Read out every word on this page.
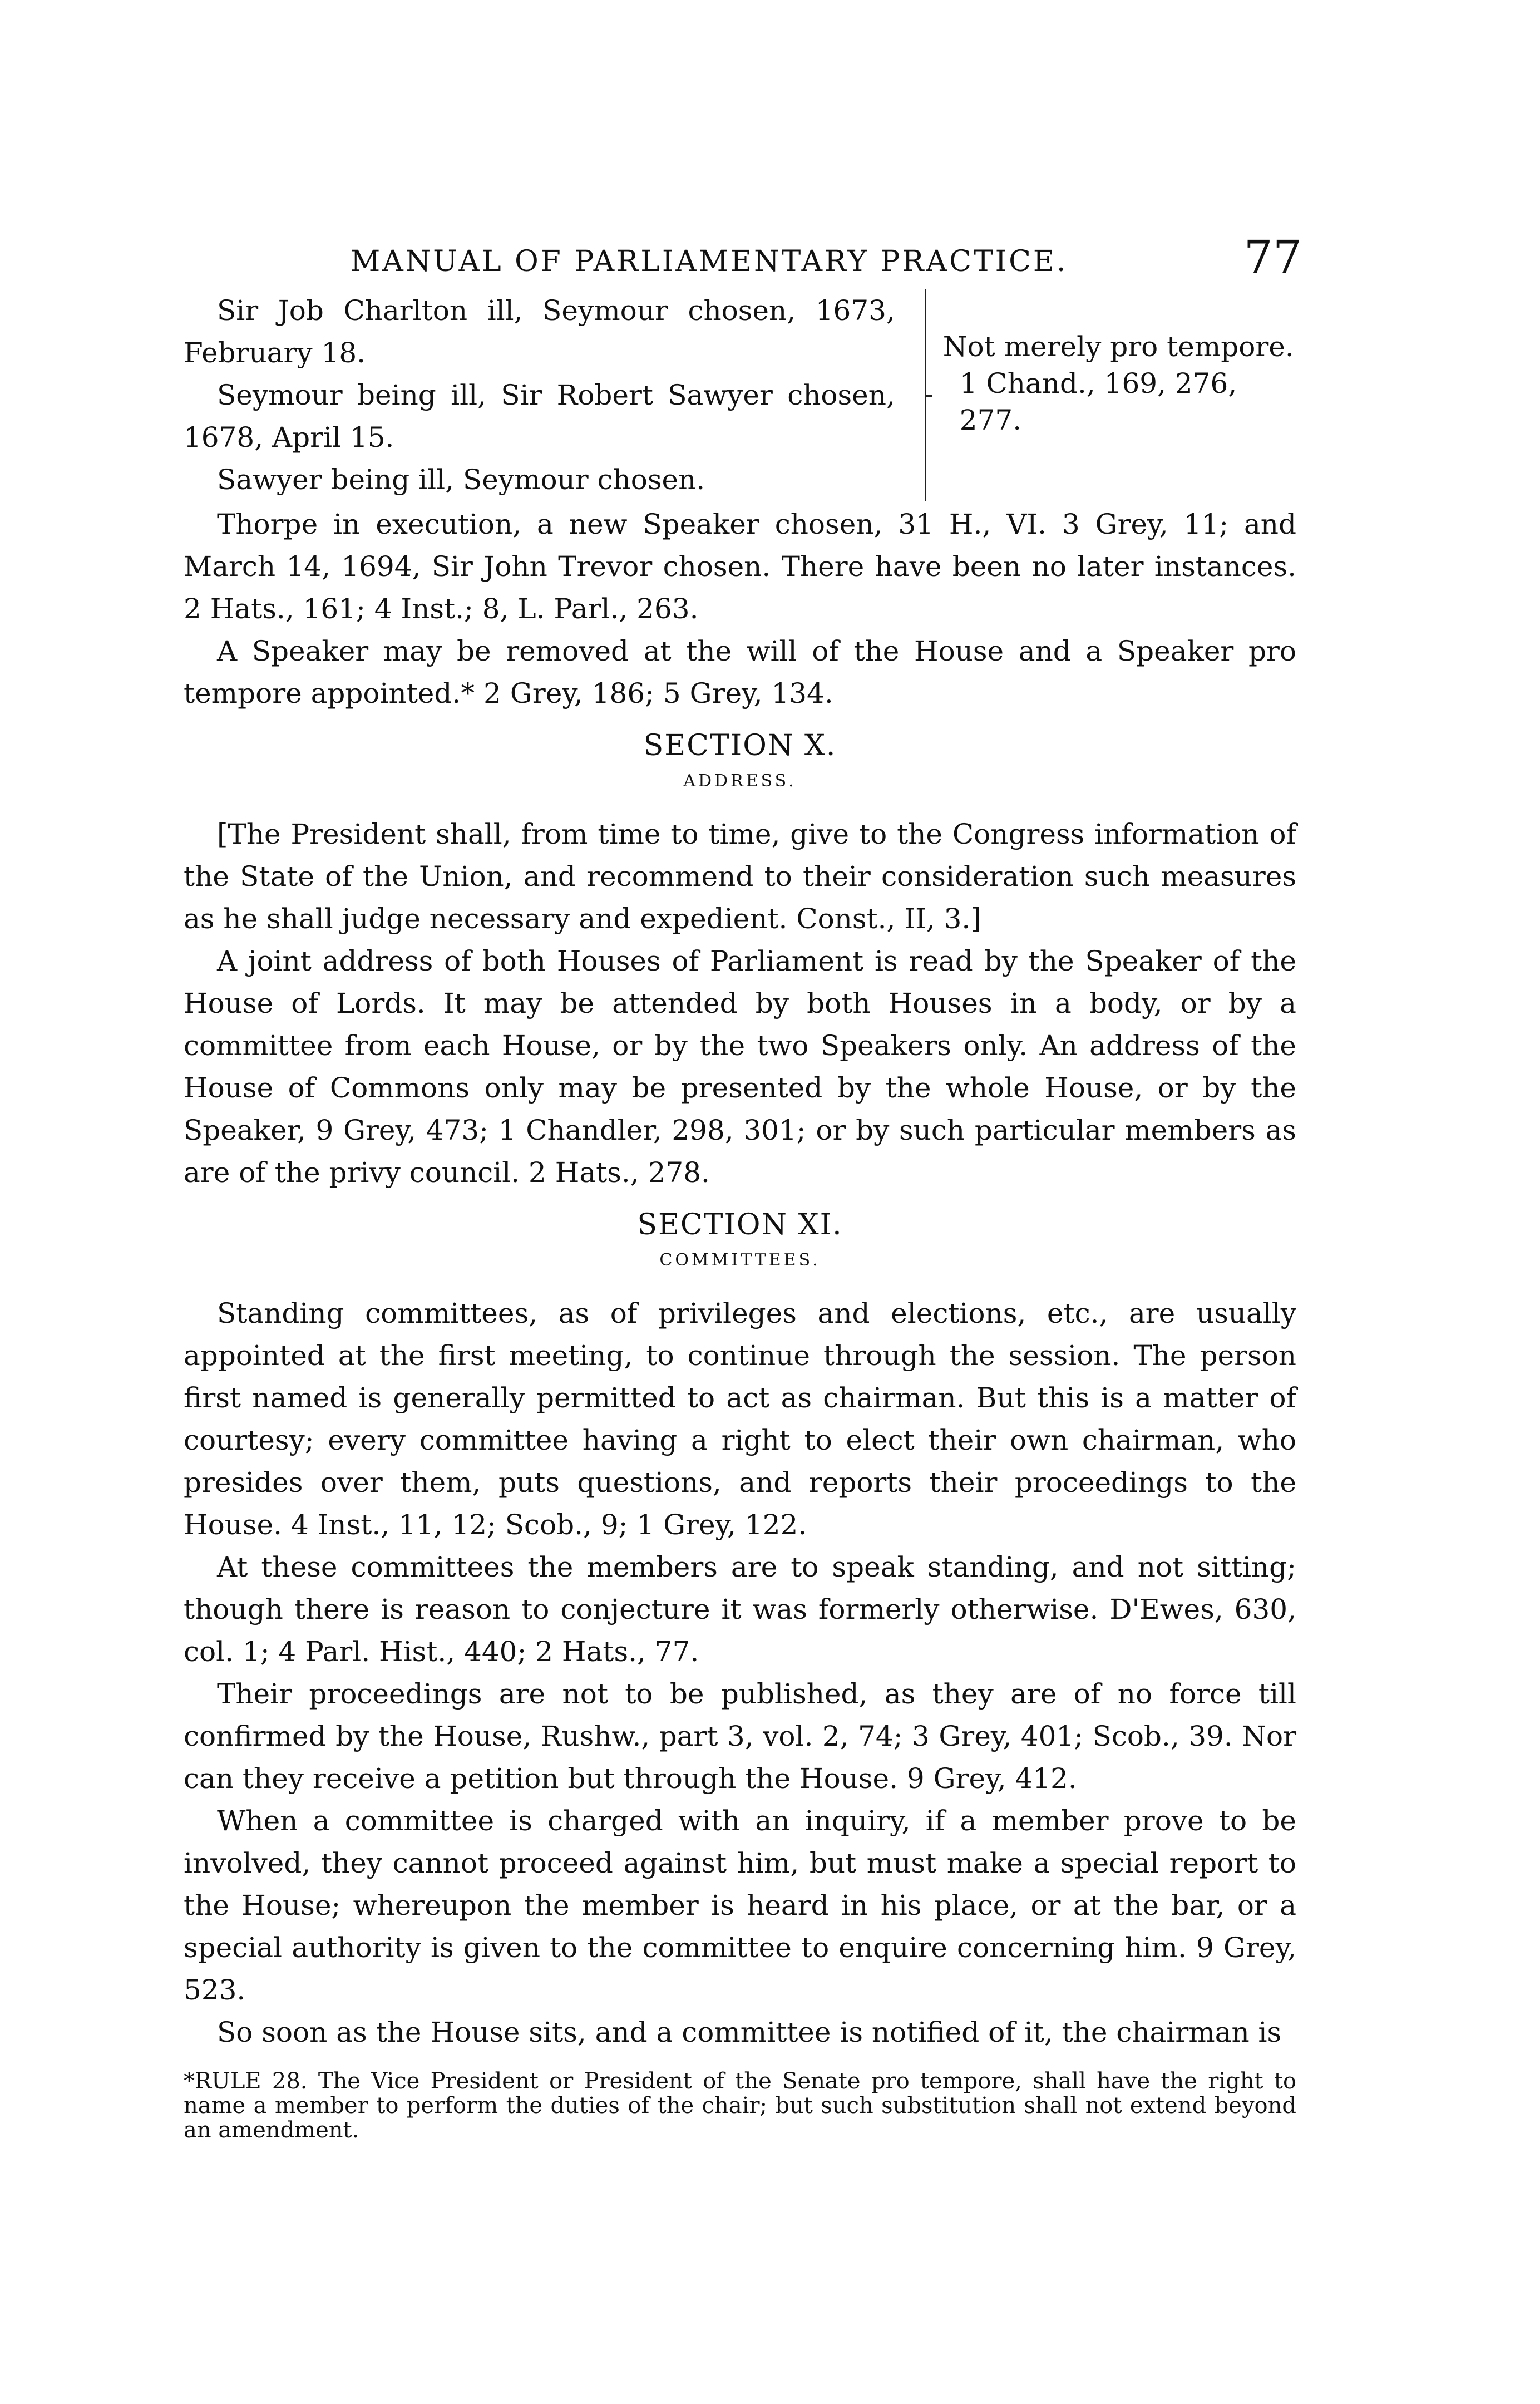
MANUAL OF PARLIAMENTARY PRACTICE.	77

Sir Job Charlton ill, Seymour chosen, 1673, February 18.

Seymour being ill, Sir Robert Sawyer chosen, 1678, April 15.

Sawyer being ill, Seymour chosen.

Not merely pro tempore.
1 Chand., 169, 276, 277.

Thorpe in execution, a new Speaker chosen, 31 H., VI. 3 Grey, 11; and March 14, 1694, Sir John Trevor chosen. There have been no later instances. 2 Hats., 161; 4 Inst.; 8, L. Parl., 263.

A Speaker may be removed at the will of the House and a Speaker pro tempore appointed.* 2 Grey, 186; 5 Grey, 134.

SECTION X.
ADDRESS.

[The President shall, from time to time, give to the Congress information of the State of the Union, and recommend to their consideration such measures as he shall judge necessary and expedient. Const., II, 3.]

A joint address of both Houses of Parliament is read by the Speaker of the House of Lords. It may be attended by both Houses in a body, or by a committee from each House, or by the two Speakers only. An address of the House of Commons only may be presented by the whole House, or by the Speaker, 9 Grey, 473; 1 Chandler, 298, 301; or by such particular members as are of the privy council. 2 Hats., 278.

SECTION XI.
COMMITTEES.

Standing committees, as of privileges and elections, etc., are usually appointed at the first meeting, to continue through the session. The person first named is generally permitted to act as chairman. But this is a matter of courtesy; every committee having a right to elect their own chairman, who presides over them, puts questions, and reports their proceedings to the House. 4 Inst., 11, 12; Scob., 9; 1 Grey, 122.

At these committees the members are to speak standing, and not sitting; though there is reason to conjecture it was formerly otherwise. D'Ewes, 630, col. 1; 4 Parl. Hist., 440; 2 Hats., 77.

Their proceedings are not to be published, as they are of no force till confirmed by the House, Rushw., part 3, vol. 2, 74; 3 Grey, 401; Scob., 39. Nor can they receive a petition but through the House. 9 Grey, 412.

When a committee is charged with an inquiry, if a member prove to be involved, they cannot proceed against him, but must make a special report to the House; whereupon the member is heard in his place, or at the bar, or a special authority is given to the committee to enquire concerning him. 9 Grey, 523.

So soon as the House sits, and a committee is notified of it, the chairman is

*RULE 28. The Vice President or President of the Senate pro tempore, shall have the right to name a member to perform the duties of the chair; but such substitution shall not extend beyond an amendment.
